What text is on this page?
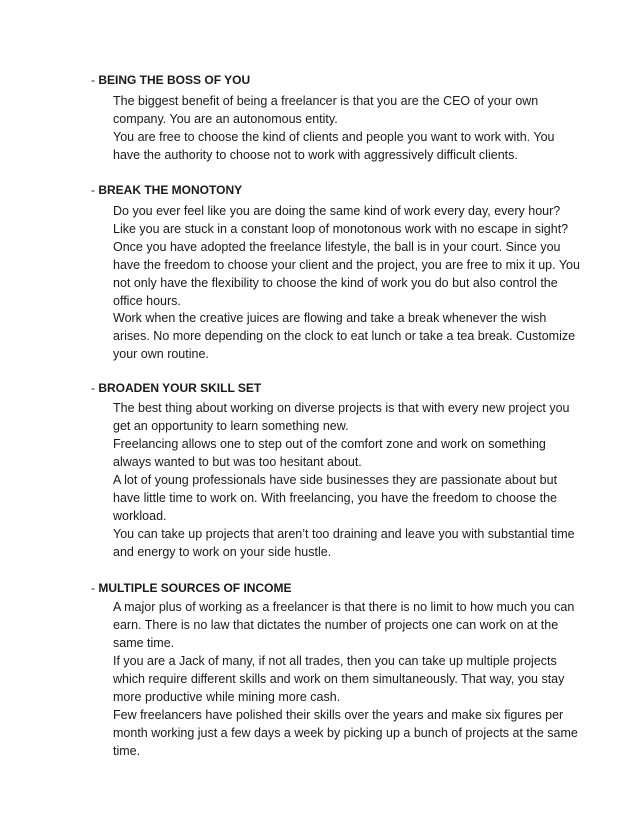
- BEING THE BOSS OF YOU

The biggest benefit of being a freelancer is that you are the CEO of your own company. You are an autonomous entity.

You are free to choose the kind of clients and people you want to work with. You have the authority to choose not to work with aggressively difficult clients.

- BREAK THE MONOTONY

Do you ever feel like you are doing the same kind of work every day, every hour? Like you are stuck in a constant loop of monotonous work with no escape in sight? Once you have adopted the freelance lifestyle, the ball is in your court. Since you have the freedom to choose your client and the project, you are free to mix it up. You not only have the flexibility to choose the kind of work you do but also control the office hours.

Work when the creative juices are flowing and take a break whenever the wish arises. No more depending on the clock to eat lunch or take a tea break. Customize your own routine.

- BROADEN YOUR SKILL SET

The best thing about working on diverse projects is that with every new project you get an opportunity to learn something new.

Freelancing allows one to step out of the comfort zone and work on something always wanted to but was too hesitant about.

A lot of young professionals have side businesses they are passionate about but have little time to work on. With freelancing, you have the freedom to choose the workload.

You can take up projects that aren’t too draining and leave you with substantial time and energy to work on your side hustle.

- MULTIPLE SOURCES OF INCOME

A major plus of working as a freelancer is that there is no limit to how much you can earn. There is no law that dictates the number of projects one can work on at the same time.

If you are a Jack of many, if not all trades, then you can take up multiple projects which require different skills and work on them simultaneously. That way, you stay more productive while mining more cash.

Few freelancers have polished their skills over the years and make six figures per month working just a few days a week by picking up a bunch of projects at the same time.
